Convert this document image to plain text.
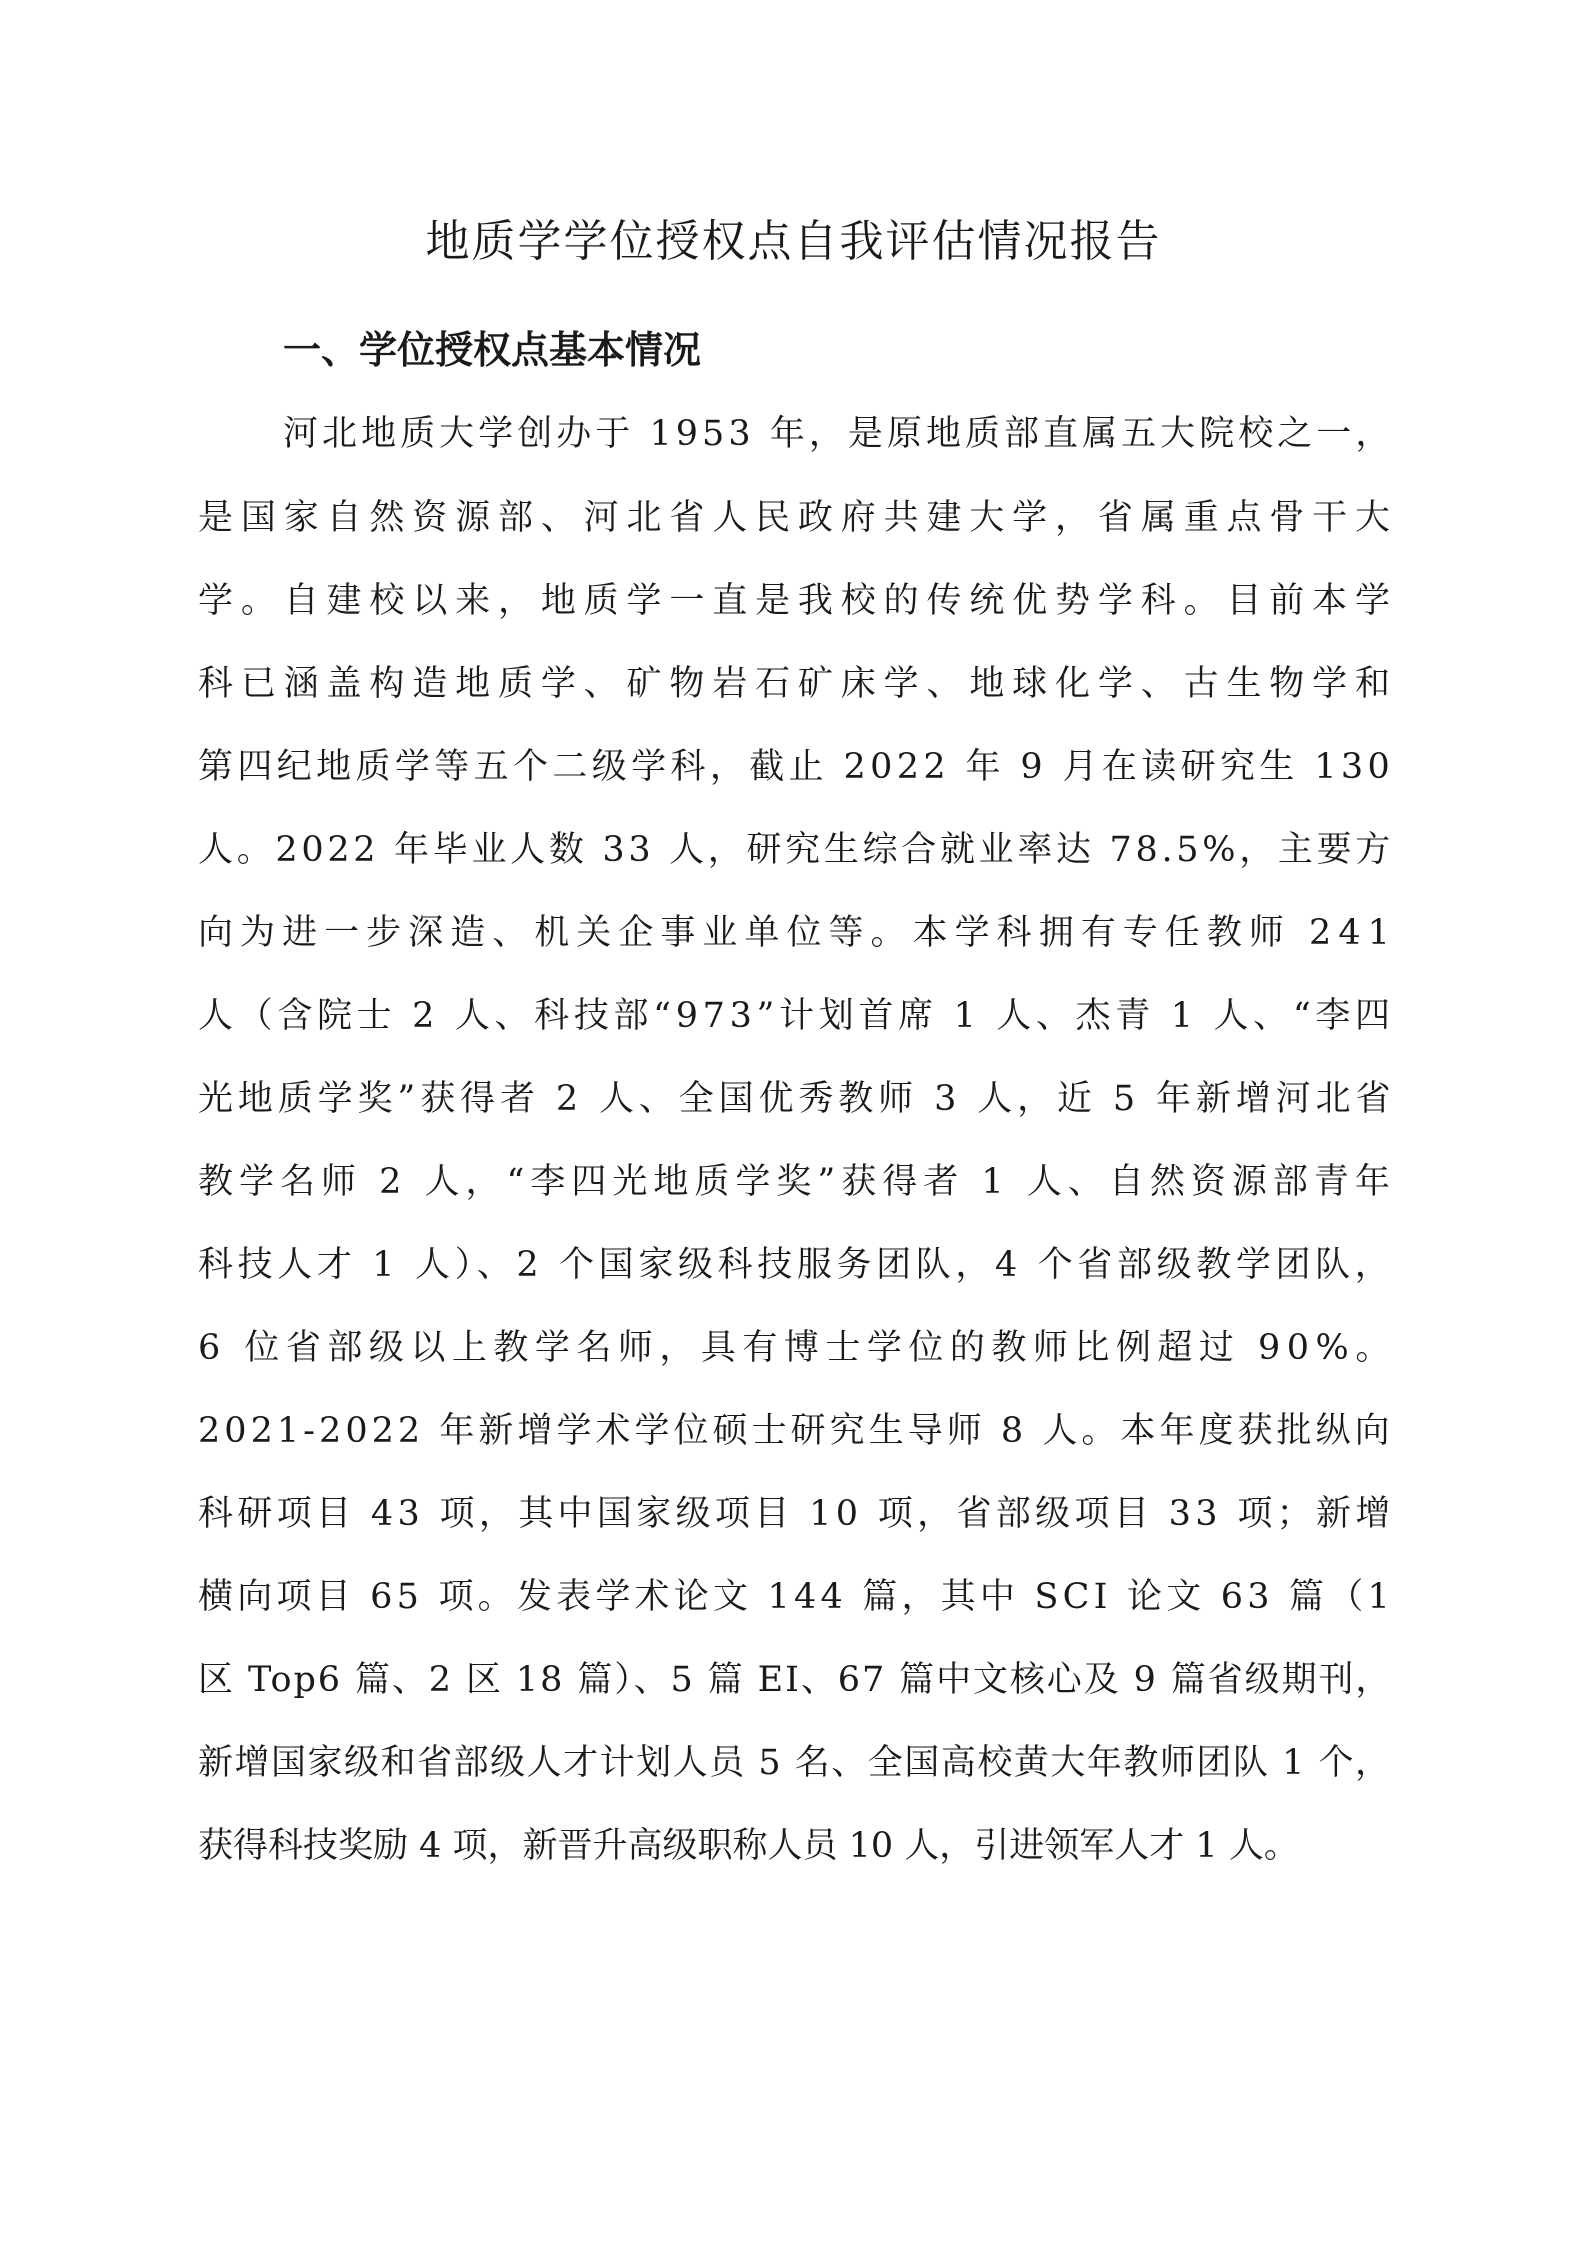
地质学学位授权点自我评估情况报告
一、学位授权点基本情况

河北地质大学创办于 1953 年，是原地质部直属五大院校之一，

是国家自然资源部、河北省人民政府共建大学，省属重点骨干大

学。自建校以来，地质学一直是我校的传统优势学科。目前本学

科已涵盖构造地质学、矿物岩石矿床学、地球化学、古生物学和

第四纪地质学等五个二级学科，截止 2022 年 9 月在读研究生 130

人。2022 年毕业人数 33 人，研究生综合就业率达 78.5%，主要方

向为进一步深造、机关企事业单位等。本学科拥有专任教师 241

人（含院士 2 人、科技部“973”计划首席 1 人、杰青 1 人、“李四

光地质学奖”获得者 2 人、全国优秀教师 3 人，近 5 年新增河北省

教学名师 2 人，“李四光地质学奖”获得者 1 人、自然资源部青年

科技人才 1 人）、2 个国家级科技服务团队，4 个省部级教学团队，

6 位省部级以上教学名师，具有博士学位的教师比例超过 90%。

2021-2022 年新增学术学位硕士研究生导师 8 人。本年度获批纵向

科研项目 43 项，其中国家级项目 10 项，省部级项目 33 项；新增

横向项目 65 项。发表学术论文 144 篇，其中 SCI 论文 63 篇（1

区 Top6 篇、2 区 18 篇）、5 篇 EI、67 篇中文核心及 9 篇省级期刊，

新增国家级和省部级人才计划人员 5 名、全国高校黄大年教师团队 1 个，

获得科技奖励 4 项，新晋升高级职称人员 10 人，引进领军人才 1 人。
